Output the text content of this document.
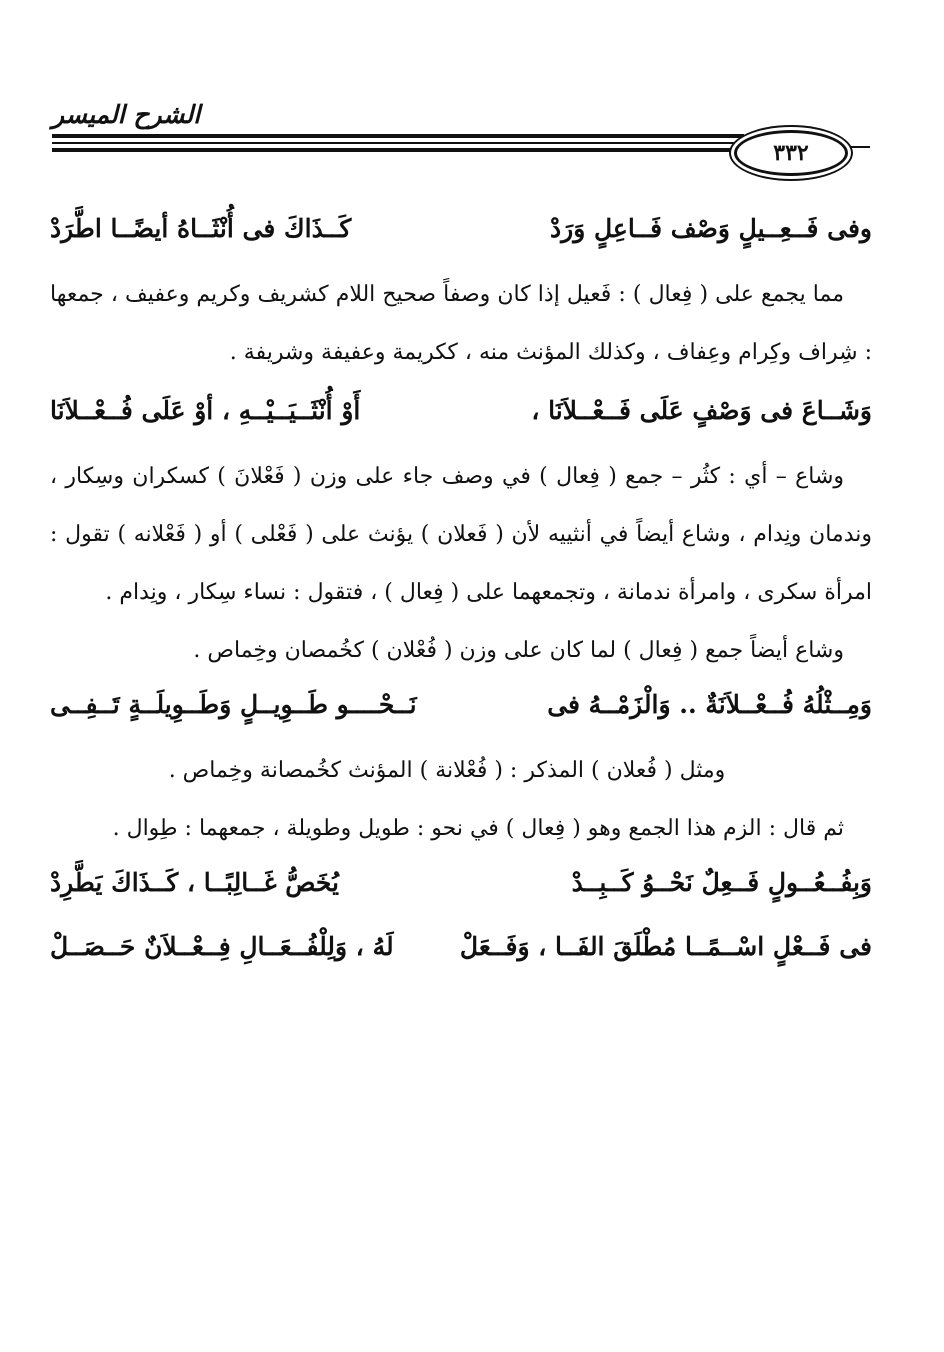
الشرح الميسر
٣٣٢
وفى فَــعِــيلٍ وَصْف فَــاعِلٍ وَرَدْ
كَــذَاكَ فى أُنْثَــاهُ أيضًــا اطَّرَدْ

مما يجمع على ( فِعال ) : فَعيل إذا كان وصفاً صحيح اللام كشريف وكريم وعفيف ، جمعها : شِراف وكِرام وعِفاف ، وكذلك المؤنث منه ، ككريمة وعفيفة وشريفة .

وَشَــاعَ فى وَصْفٍ عَلَى فَــعْــلاَنَا ،
أَوْ أُنْثَــيَــيْــهِ ، أوْ عَلَى فُــعْــلاَنَا

وشاع – أي : كثُر – جمع ( فِعال ) في وصف جاء على وزن ( فَعْلانَ ) كسكران وسِكار ، وندمان ونِدام ، وشاع أيضاً في أنثييه لأن ( فَعلان ) يؤنث على ( فَعْلى ) أو ( فَعْلانه ) تقول : امرأة سكرى ، وامرأة ندمانة ، وتجمعهما على ( فِعال ) ، فتقول : نساء سِكار ، ونِدام .

وشاع أيضاً جمع ( فِعال ) لما كان على وزن ( فُعْلان ) كخُمصان وخِماص .

وَمِــثْلُهُ فُــعْــلاَنَةٌ .. وَالْزَمْــهُ فى
نَــحْــــو طَــوِيــلٍ وَطَــوِيلَــةٍ تَــفِــى

ومثل ( فُعلان ) المذكر : ( فُعْلانة ) المؤنث كخُمصانة وخِماص .

ثم قال : الزم هذا الجمع وهو ( فِعال ) في نحو : طويل وطويلة ، جمعهما : طِوال .

وَبِفُــعُــولٍ فَــعِلٌ نَحْــوُ كَــبِــدْ
يُخَصُّ غَــالِبًــا ، كَــذَاكَ يَطَّرِدْ
فى فَــعْلٍ اسْــمًــا مُطْلَقَ الفَــا ، وَفَــعَلْ
لَهُ ، وَلِلْفُــعَــالِ فِــعْــلاَنٌ حَــصَــلْ
